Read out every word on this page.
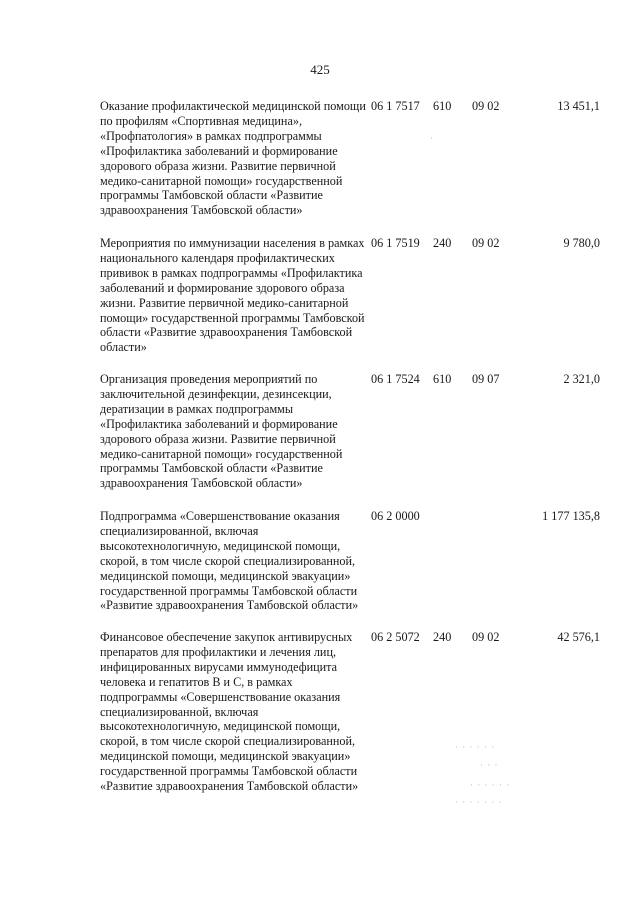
425
Оказание профилактической медицинской помощи по профилям «Спортивная медицина», «Профпатология» в рамках подпрограммы «Профилактика заболеваний и формирование здорового образа жизни. Развитие первичной медико-санитарной помощи» государственной программы Тамбовской области «Развитие здравоохранения Тамбовской области»
06 1 7517 610 09 02	13 451,1
Мероприятия по иммунизации населения в рамках национального календаря профилактических прививок в рамках подпрограммы «Профилактика заболеваний и формирование здорового образа жизни. Развитие первичной медико-санитарной помощи» государственной программы Тамбовской области «Развитие здравоохранения Тамбовской области»
06 1 7519 240 09 02	9 780,0
Организация проведения мероприятий по заключительной дезинфекции, дезинсекции, дератизации в рамках подпрограммы «Профилактика заболеваний и формирование здорового образа жизни. Развитие первичной медико-санитарной помощи» государственной программы Тамбовской области «Развитие здравоохранения Тамбовской области»
06 1 7524 610 09 07	2 321,0
Подпрограмма «Совершенствование оказания специализированной, включая высокотехнологичную, медицинской помощи, скорой, в том числе скорой специализированной, медицинской помощи, медицинской эвакуации» государственной программы Тамбовской области «Развитие здравоохранения Тамбовской области»
06 2 0000	1 177 135,8
Финансовое обеспечение закупок антивирусных препаратов для профилактики и лечения лиц, инфицированных вирусами иммунодефицита человека и гепатитов В и С, в рамках подпрограммы «Совершенствование оказания специализированной, включая высокотехнологичную, медицинской помощи, скорой, в том числе скорой специализированной, медицинской помощи, медицинской эвакуации» государственной программы Тамбовской области «Развитие здравоохранения Тамбовской области»
06 2 5072 240 09 02	42 576,1
· · · · · ·
· · ·
· · · · · ·
· · · · · · ·
·
